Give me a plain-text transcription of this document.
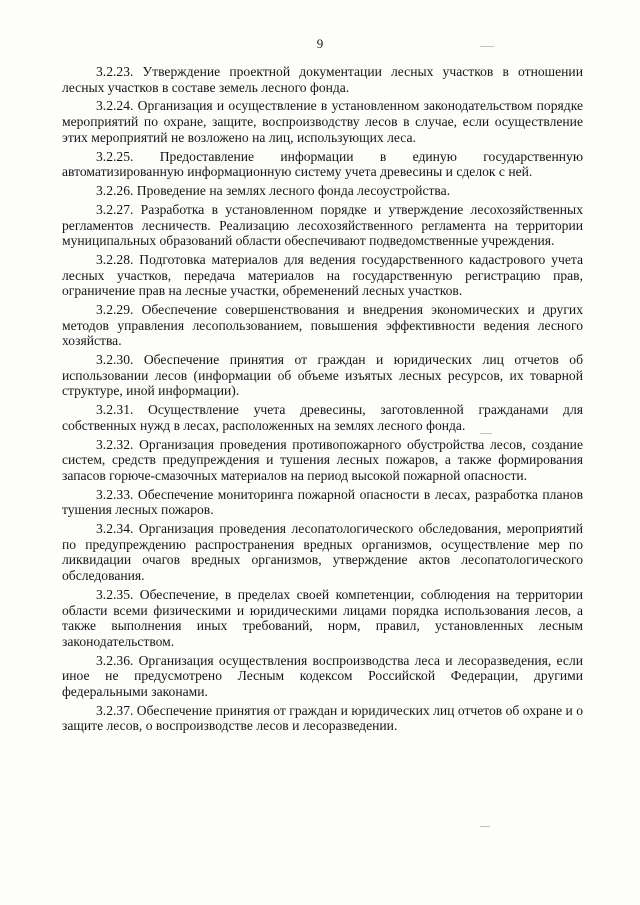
9

3.2.23. Утверждение проектной документации лесных участков в отношении лесных участков в составе земель лесного фонда.

3.2.24. Организация и осуществление в установленном законодательством порядке мероприятий по охране, защите, воспроизводству лесов в случае, если осуществление этих мероприятий не возложено на лиц, использующих леса.

3.2.25. Предоставление информации в единую государственную автоматизированную информационную систему учета древесины и сделок с ней.

3.2.26. Проведение на землях лесного фонда лесоустройства.

3.2.27. Разработка в установленном порядке и утверждение лесохозяйственных регламентов лесничеств. Реализацию лесохозяйственного регламента на территории муниципальных образований области обеспечивают подведомственные учреждения.

3.2.28. Подготовка материалов для ведения государственного кадастрового учета лесных участков, передача материалов на государственную регистрацию прав, ограничение прав на лесные участки, обременений лесных участков.

3.2.29. Обеспечение совершенствования и внедрения экономических и других методов управления лесопользованием, повышения эффективности ведения лесного хозяйства.

3.2.30. Обеспечение принятия от граждан и юридических лиц отчетов об использовании лесов (информации об объеме изъятых лесных ресурсов, их товарной структуре, иной информации).

3.2.31. Осуществление учета древесины, заготовленной гражданами для собственных нужд в лесах, расположенных на землях лесного фонда.

3.2.32. Организация проведения противопожарного обустройства лесов, создание систем, средств предупреждения и тушения лесных пожаров, а также формирования запасов горюче-смазочных материалов на период высокой пожарной опасности.

3.2.33. Обеспечение мониторинга пожарной опасности в лесах, разработка планов тушения лесных пожаров.

3.2.34. Организация проведения лесопатологического обследования, мероприятий по предупреждению распространения вредных организмов, осуществление мер по ликвидации очагов вредных организмов, утверждение актов лесопатологического обследования.

3.2.35. Обеспечение, в пределах своей компетенции, соблюдения на территории области всеми физическими и юридическими лицами порядка использования лесов, а также выполнения иных требований, норм, правил, установленных лесным законодательством.

3.2.36. Организация осуществления воспроизводства леса и лесоразведения, если иное не предусмотрено Лесным кодексом Российской Федерации, другими федеральными законами.

3.2.37. Обеспечение принятия от граждан и юридических лиц отчетов об охране и о защите лесов, о воспроизводстве лесов и лесоразведении.
